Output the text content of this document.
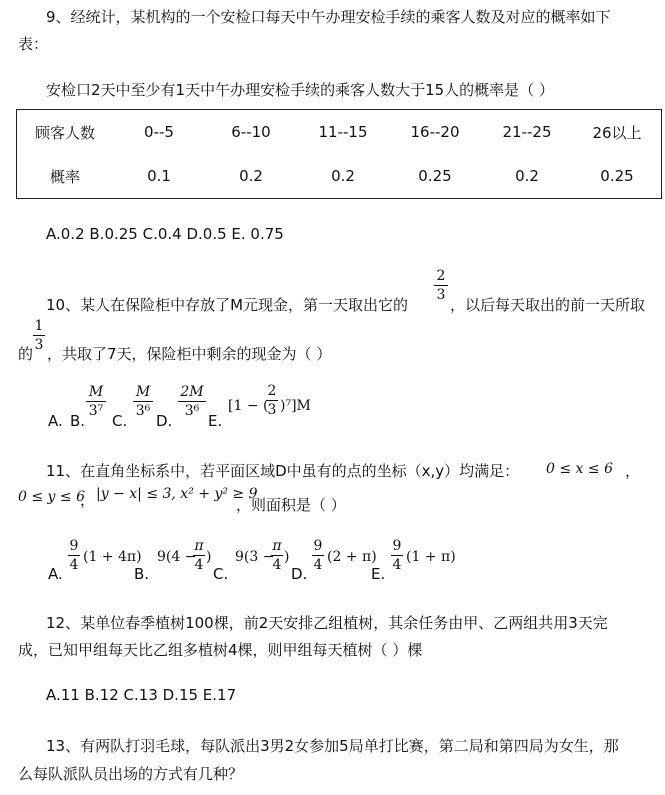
9、经统计，某机构的一个安检口每天中午办理安检手续的乘客人数及对应的概率如下
表：
安检口2天中至少有1天中午办理安检手续的乘客人数大于15人的概率是（ ）
顾客人数	0--5	6--10	11--15	16--20	21--25	26以上
概率	0.1	0.2	0.2	0.25	0.2	0.25
A.0.2 B.0.25 C.0.4 D.0.5 E. 0.75
10、某人在保险柜中存放了M元现金，第一天取出它的
2
3
，以后每天取出的前一天所取
的
1
3 ，共取了7天，保险柜中剩余的现金为（ ）
A. B.
M
3⁷
C.
M
3⁶
D.
2M
3⁶
E.
[1 − (
2
3 )⁷]M
11、在直角坐标系中，若平面区域D中虽有的点的坐标（x,y）均满足： 0 ≤ x ≤ 6 ，
0 ≤ y ≤ 6
， |y − x| ≤ 3, x² + y² ≥ 9
，则面积是（ ）
A.
9
4 (1 + 4π)
B.
9(4 −
π
4 )
C.
9(3 −
π
4 )
D.
9
4 (2 + π)
E.
9
4 (1 + π)
12、某单位春季植树100棵，前2天安排乙组植树，其余任务由甲、乙两组共用3天完
成，已知甲组每天比乙组多植树4棵，则甲组每天植树（ ）棵
A.11 B.12 C.13 D.15 E.17
13、有两队打羽毛球，每队派出3男2女参加5局单打比赛，第二局和第四局为女生，那
么每队派队员出场的方式有几种？
